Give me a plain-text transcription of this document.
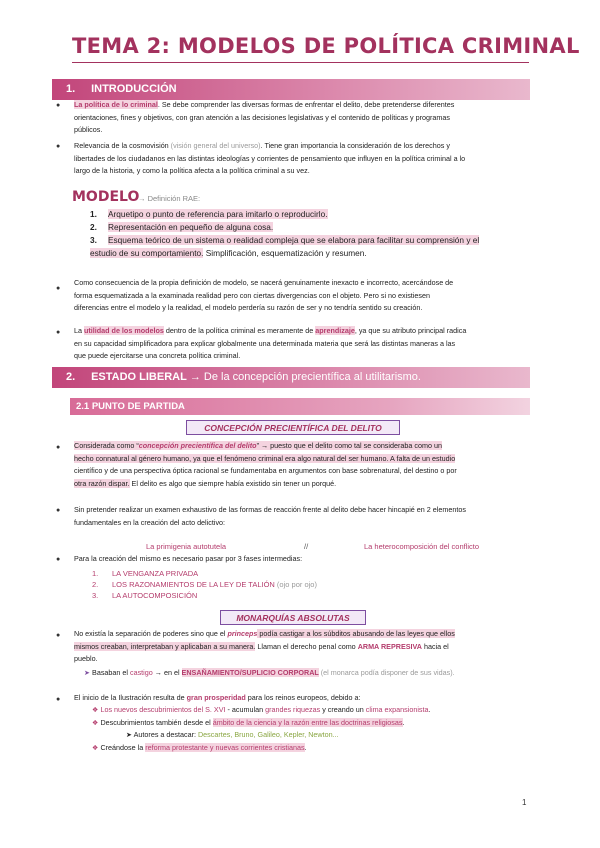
TEMA 2: MODELOS DE POLÍTICA CRIMINAL
1. INTRODUCCIÓN
● La política de lo criminal. Se debe comprender las diversas formas de enfrentar el delito, debe pretenderse diferentes
orientaciones, fines y objetivos, con gran atención a las decisiones legislativas y el contenido de políticas y programas
públicos.
● Relevancia de la cosmovisión (visión general del universo). Tiene gran importancia la consideración de los derechos y
libertades de los ciudadanos en las distintas ideologías y corrientes de pensamiento que influyen en la política criminal a lo
largo de la historia, y como la política afecta a la política criminal a su vez.
MODELO
→ Definición RAE:
1. Arquetipo o punto de referencia para imitarlo o reproducirlo.
2. Representación en pequeño de alguna cosa.
3. Esquema teórico de un sistema o realidad compleja que se elabora para facilitar su comprensión y el
estudio de su comportamiento. Simplificación, esquematización y resumen.
●
Como consecuencia de la propia definición de modelo, se nacerá genuinamente inexacto e incorrecto, acercándose de
forma esquematizada a la examinada realidad pero con ciertas divergencias con el objeto. Pero si no existiesen
diferencias entre el modelo y la realidad, el modelo perdería su razón de ser y no tendría sentido su creación.
● La utilidad de los modelos dentro de la política criminal es meramente de aprendizaje, ya que su atributo principal radica
en su capacidad simplificadora para explicar globalmente una determinada materia que será las distintas maneras a las
que puede ejercitarse una concreta política criminal.
2. ESTADO LIBERAL → De la concepción precientífica al utilitarismo.
2.1 PUNTO DE PARTIDA
CONCEPCIÓN PRECIENTÍFICA DEL DELITO
● Considerada como “concepción precientífica del delito” → puesto que el delito como tal se consideraba como un
hecho connatural al género humano, ya que el fenómeno criminal era algo natural del ser humano. A falta de un estudio
científico y de una perspectiva óptica racional se fundamentaba en argumentos con base sobrenatural, del destino o por
otra razón dispar. El delito es algo que siempre había existido sin tener un porqué.
● Sin pretender realizar un examen exhaustivo de las formas de reacción frente al delito debe hacer hincapié en 2 elementos
fundamentales en la creación del acto delictivo:
La primigenia autotutela	//	La heterocomposición del conflicto
● Para la creación del mismo es necesario pasar por 3 fases intermedias:
1. LA VENGANZA PRIVADA
2. LOS RAZONAMIENTOS DE LA LEY DE TALIÓN (ojo por ojo)
3. LA AUTOCOMPOSICIÓN
MONARQUÍAS ABSOLUTAS
● No existía la separación de poderes sino que el princeps podía castigar a los súbditos abusando de las leyes que ellos
mismos creaban, interpretaban y aplicaban a su manera. Llaman el derecho penal como ARMA REPRESIVA hacia el
pueblo.
➤ Basaban el castigo → en el ENSAÑAMIENTO/SUPLICIO CORPORAL (el monarca podía disponer de sus vidas).
● El inicio de la Ilustración resulta de gran prosperidad para los reinos europeos, debido a:
❖ Los nuevos descubrimientos del S. XVI - acumulan grandes riquezas y creando un clima expansionista.
❖ Descubrimientos también desde el ámbito de la ciencia y la razón entre las doctrinas religiosas.
➤ Autores a destacar: Descartes, Bruno, Galileo, Kepler, Newton...
❖ Creándose la reforma protestante y nuevas corrientes cristianas.
1
